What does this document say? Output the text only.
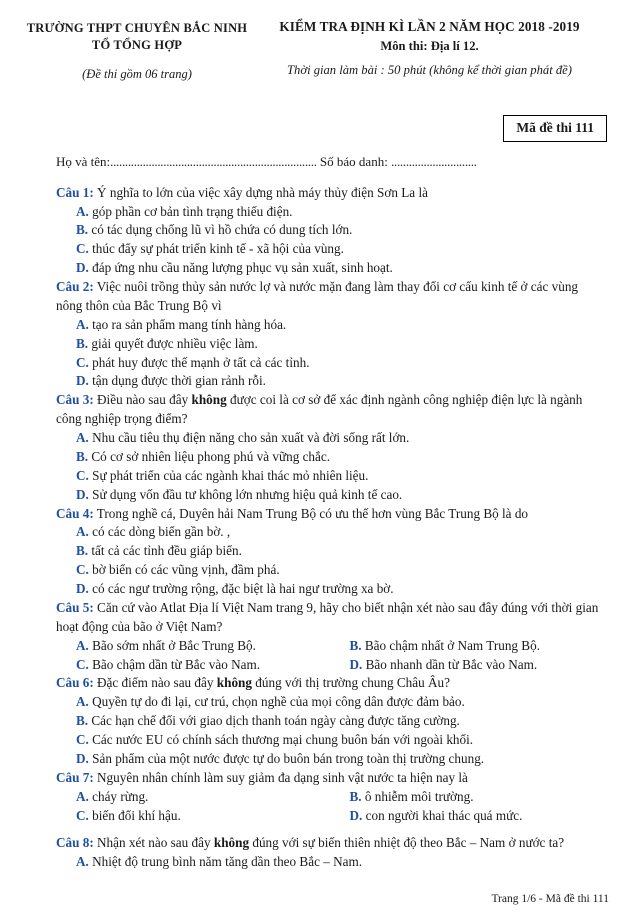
TRƯỜNG THPT CHUYÊN BẮC NINH
TỔ TỔNG HỢP
(Đề thi gồm 06 trang)
KIỂM TRA ĐỊNH KÌ LẦN 2 NĂM HỌC 2018 -2019
Môn thi: Địa lí 12.
Thời gian làm bài : 50 phút (không kể thời gian phát đề)
Mã đề thi 111
Họ và tên:...................................................................... Số báo danh: .............................
Câu 1: Ý nghĩa to lớn của việc xây dựng nhà máy thủy điện Sơn La là
A. góp phần cơ bản tình trạng thiếu điện.
B. có tác dụng chống lũ vì hồ chứa có dung tích lớn.
C. thúc đẩy sự phát triển kinh tế - xã hội của vùng.
D. đáp ứng nhu cầu năng lượng phục vụ sản xuất, sinh hoạt.
Câu 2: Việc nuôi trồng thủy sản nước lợ và nước mặn đang làm thay đổi cơ cấu kinh tế ở các vùng nông thôn của Bắc Trung Bộ vì
A. tạo ra sản phẩm mang tính hàng hóa.
B. giải quyết được nhiều việc làm.
C. phát huy được thế mạnh ở tất cả các tỉnh.
D. tận dụng được thời gian rảnh rỗi.
Câu 3: Điều nào sau đây không được coi là cơ sở để xác định ngành công nghiệp điện lực là ngành công nghiệp trọng điểm?
A. Nhu cầu tiêu thụ điện năng cho sản xuất và đời sống rất lớn.
B. Có cơ sở nhiên liệu phong phú và vững chắc.
C. Sự phát triển của các ngành khai thác mỏ nhiên liệu.
D. Sử dụng vốn đầu tư không lớn nhưng hiệu quả kinh tế cao.
Câu 4: Trong nghề cá, Duyên hải Nam Trung Bộ có ưu thế hơn vùng Bắc Trung Bộ là do
A. có các dòng biển gần bờ. ,
B. tất cả các tỉnh đều giáp biển.
C. bờ biển có các vũng vịnh, đầm phá.
D. có các ngư trường rộng, đặc biệt là hai ngư trường xa bờ.
Câu 5: Căn cứ vào Atlat Địa lí Việt Nam trang 9, hãy cho biết nhận xét nào sau đây đúng với thời gian hoạt động của bão ở Việt Nam?
A. Bão sớm nhất ở Bắc Trung Bộ.	B. Bão chậm nhất ở Nam Trung Bộ.
C. Bão chậm dần từ Bắc vào Nam.	D. Bão nhanh dần từ Bắc vào Nam.
Câu 6: Đặc điểm nào sau đây không đúng với thị trường chung Châu Âu?
A. Quyền tự do đi lại, cư trú, chọn nghề của mọi công dân được đảm bảo.
B. Các hạn chế đối với giao dịch thanh toán ngày càng được tăng cường.
C. Các nước EU có chính sách thương mại chung buôn bán với ngoài khối.
D. Sản phẩm của một nước được tự do buôn bán trong toàn thị trường chung.
Câu 7: Nguyên nhân chính làm suy giảm đa dạng sinh vật nước ta hiện nay là
A. cháy rừng.	B. ô nhiễm môi trường.
C. biến đổi khí hậu.	D. con người khai thác quá mức.
Câu 8: Nhận xét nào sau đây không đúng với sự biến thiên nhiệt độ theo Bắc – Nam ở nước ta?
A. Nhiệt độ trung bình năm tăng dần theo Bắc – Nam.
Trang 1/6 - Mã đề thi 111
